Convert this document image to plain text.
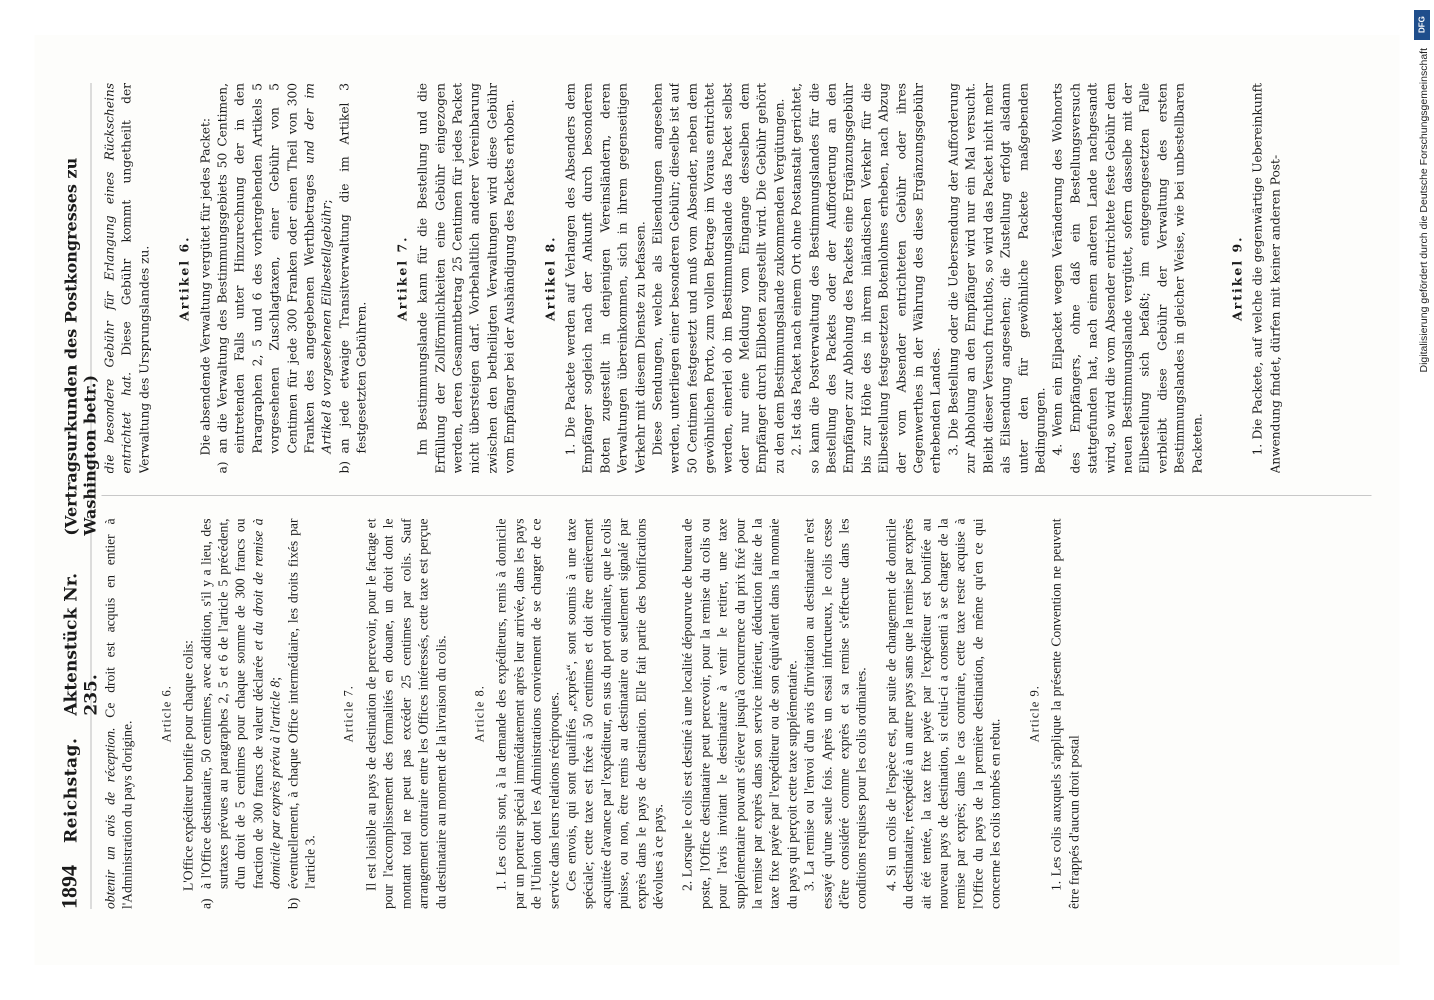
1894
Reichstag.
Aktenstück Nr. 235.
(Vertragsurkunden des Postkongresses zu Washington betr.)

obtenir un avis de réception. Ce droit est acquis en entier à l'Administration du pays d'origine.

Article 6. L'Office expéditeur bonifie pour chaque colis:

a)
à l'Office destinataire, 50 centimes, avec addition, s'il y a lieu, des surtaxes prévues au paragraphes 2, 5 et 6 de l'article 5 précédent, d'un droit de 5 centimes pour chaque somme de 300 francs ou fraction de 300 francs de valeur déclarée et du droit de remise à domicile par exprès prévu à l'article 8;
b)
éventuellement, à chaque Office intermédiaire, les droits fixés par l'article 3.
Article 7. Il est loisible au pays de destination de percevoir, pour le factage et pour l'accomplissement des formalités en douane, un droit dont le montant total ne peut pas excéder 25 centimes par colis. Sauf arrangement contraire entre les Offices intéressés, cette taxe est perçue du destinataire au moment de la livraison du colis. Article 8. 1. Les colis sont, à la demande des expéditeurs, remis à domicile par un porteur spécial immédiatement après leur arrivée, dans les pays de l'Union dont les Administrations conviennent de se charger de ce service dans leurs relations réciproques. Ces envois, qui sont qualifiés „exprès“, sont soumis à une taxe spéciale; cette taxe est fixée à 50 centimes et doit être entièrement acquittée d'avance par l'expéditeur, en sus du port ordinaire, que le colis puisse, ou non, être remis au destinataire ou seulement signalé par exprès dans le pays de destination. Elle fait partie des bonifications dévolues à ce pays. 2. Lorsque le colis est destiné à une localité dépourvue de bureau de poste, l'Office destinataire peut percevoir, pour la remise du colis ou pour l'avis invitant le destinataire à venir le retirer, une taxe supplémentaire pouvant s'élever jusqu'à concurrence du prix fixé pour la remise par exprès dans son service intérieur, déduction faite de la taxe fixe payée par l'expéditeur ou de son équivalent dans la monnaie du pays qui perçoit cette taxe supplémentaire. 3. La remise ou l'envoi d'un avis d'invitation au destinataire n'est essayé qu'une seule fois. Après un essai infructueux, le colis cesse d'être considéré comme exprès et sa remise s'effectue dans les conditions requises pour les colis ordinaires. 4. Si un colis de l'espèce est, par suite de changement de domicile du destinataire, réexpédié à un autre pays sans que la remise par exprès ait été tentée, la taxe fixe payée par l'expéditeur est bonifiée au nouveau pays de destination, si celui-ci a consenti à se charger de la remise par exprès; dans le cas contraire, cette taxe reste acquise à l'Office du pays de la première destination, de même qu'en ce qui concerne les colis tombés en rebut.

Article 9. 1. Les colis auxquels s'applique la présente Convention ne peuvent être frappés d'aucun droit postal

die besondere Gebühr für Erlangung eines Rückscheins entrichtet hat. Diese Gebühr kommt ungetheilt der Verwaltung des Ursprungslandes zu. Artikel 6. Die absendende Verwaltung vergütet für jedes Packet:

a)
an die Verwaltung des Bestimmungsgebiets 50 Centimen, eintretenden Falls unter Hinzurechnung der in den Paragraphen 2, 5 und 6 des vorhergehenden Artikels 5 vorgesehenen Zuschlagtaxen, einer Gebühr von 5 Centimen für jede 300 Franken oder einen Theil von 300 Franken des angegebenen Werthbetrages und der im Artikel 8 vorgesehenen Eilbestellgebühr;
b)
an jede etwaige Transitverwaltung die im Artikel 3 festgesetzten Gebühren.
Artikel 7. Im Bestimmungslande kann für die Bestellung und die Erfüllung der Zollförmlichkeiten eine Gebühr eingezogen werden, deren Gesammtbetrag 25 Centimen für jedes Packet nicht übersteigen darf. Vorbehaltlich anderer Vereinbarung zwischen den betheiligten Verwaltungen wird diese Gebühr vom Empfänger bei der Aushändigung des Packets erhoben. Artikel 8. 1. Die Packete werden auf Verlangen des Absenders dem Empfänger sogleich nach der Ankunft durch besonderen Boten zugestellt in denjenigen Vereinsländern, deren Verwaltungen übereinkommen, sich in ihrem gegenseitigen Verkehr mit diesem Dienste zu befassen. Diese Sendungen, welche als Eilsendungen angesehen werden, unterliegen einer besonderen Gebühr; dieselbe ist auf 50 Centimen festgesetzt und muß vom Absender, neben dem gewöhnlichen Porto, zum vollen Betrage im Voraus entrichtet werden, einerlei ob im Bestimmungslande das Packet selbst oder nur eine Meldung vom Eingange desselben dem Empfänger durch Eilboten zugestellt wird. Die Gebühr gehört zu den dem Bestimmungslande zukommenden Vergütungen. 2. Ist das Packet nach einem Ort ohne Postanstalt gerichtet, so kann die Postverwaltung des Bestimmungslandes für die Bestellung des Packets oder der Aufforderung an den Empfänger zur Abholung des Packets eine Ergänzungsgebühr bis zur Höhe des in ihrem inländischen Verkehr für die Eilbestellung festgesetzten Botenlohnes erheben, nach Abzug der vom Absender entrichteten Gebühr oder ihres Gegenwerthes in der Währung des diese Ergänzungsgebühr erhebenden Landes. 3. Die Bestellung oder die Uebersendung der Aufforderung zur Abholung an den Empfänger wird nur ein Mal versucht. Bleibt dieser Versuch fruchtlos, so wird das Packet nicht mehr als Eilsendung angesehen; die Zustellung erfolgt alsdann unter den für gewöhnliche Packete maßgebenden Bedingungen. 4. Wenn ein Eilpacket wegen Veränderung des Wohnorts des Empfängers, ohne daß ein Bestellungsversuch stattgefunden hat, nach einem anderen Lande nachgesandt wird, so wird die vom Absender entrichtete feste Gebühr dem neuen Bestimmungslande vergütet, sofern dasselbe mit der Eilbestellung sich befaßt; im entgegengesetzten Falle verbleibt diese Gebühr der Verwaltung des ersten Bestimmungslandes in gleicher Weise, wie bei unbestellbaren Packeten.

Artikel 9. 1. Die Packete, auf welche die gegenwärtige Uebereinkunft Anwendung findet, dürfen mit keiner anderen Post-

DFG
Digitalisierung gefördert durch die Deutsche Forschungsgemeinschaft
